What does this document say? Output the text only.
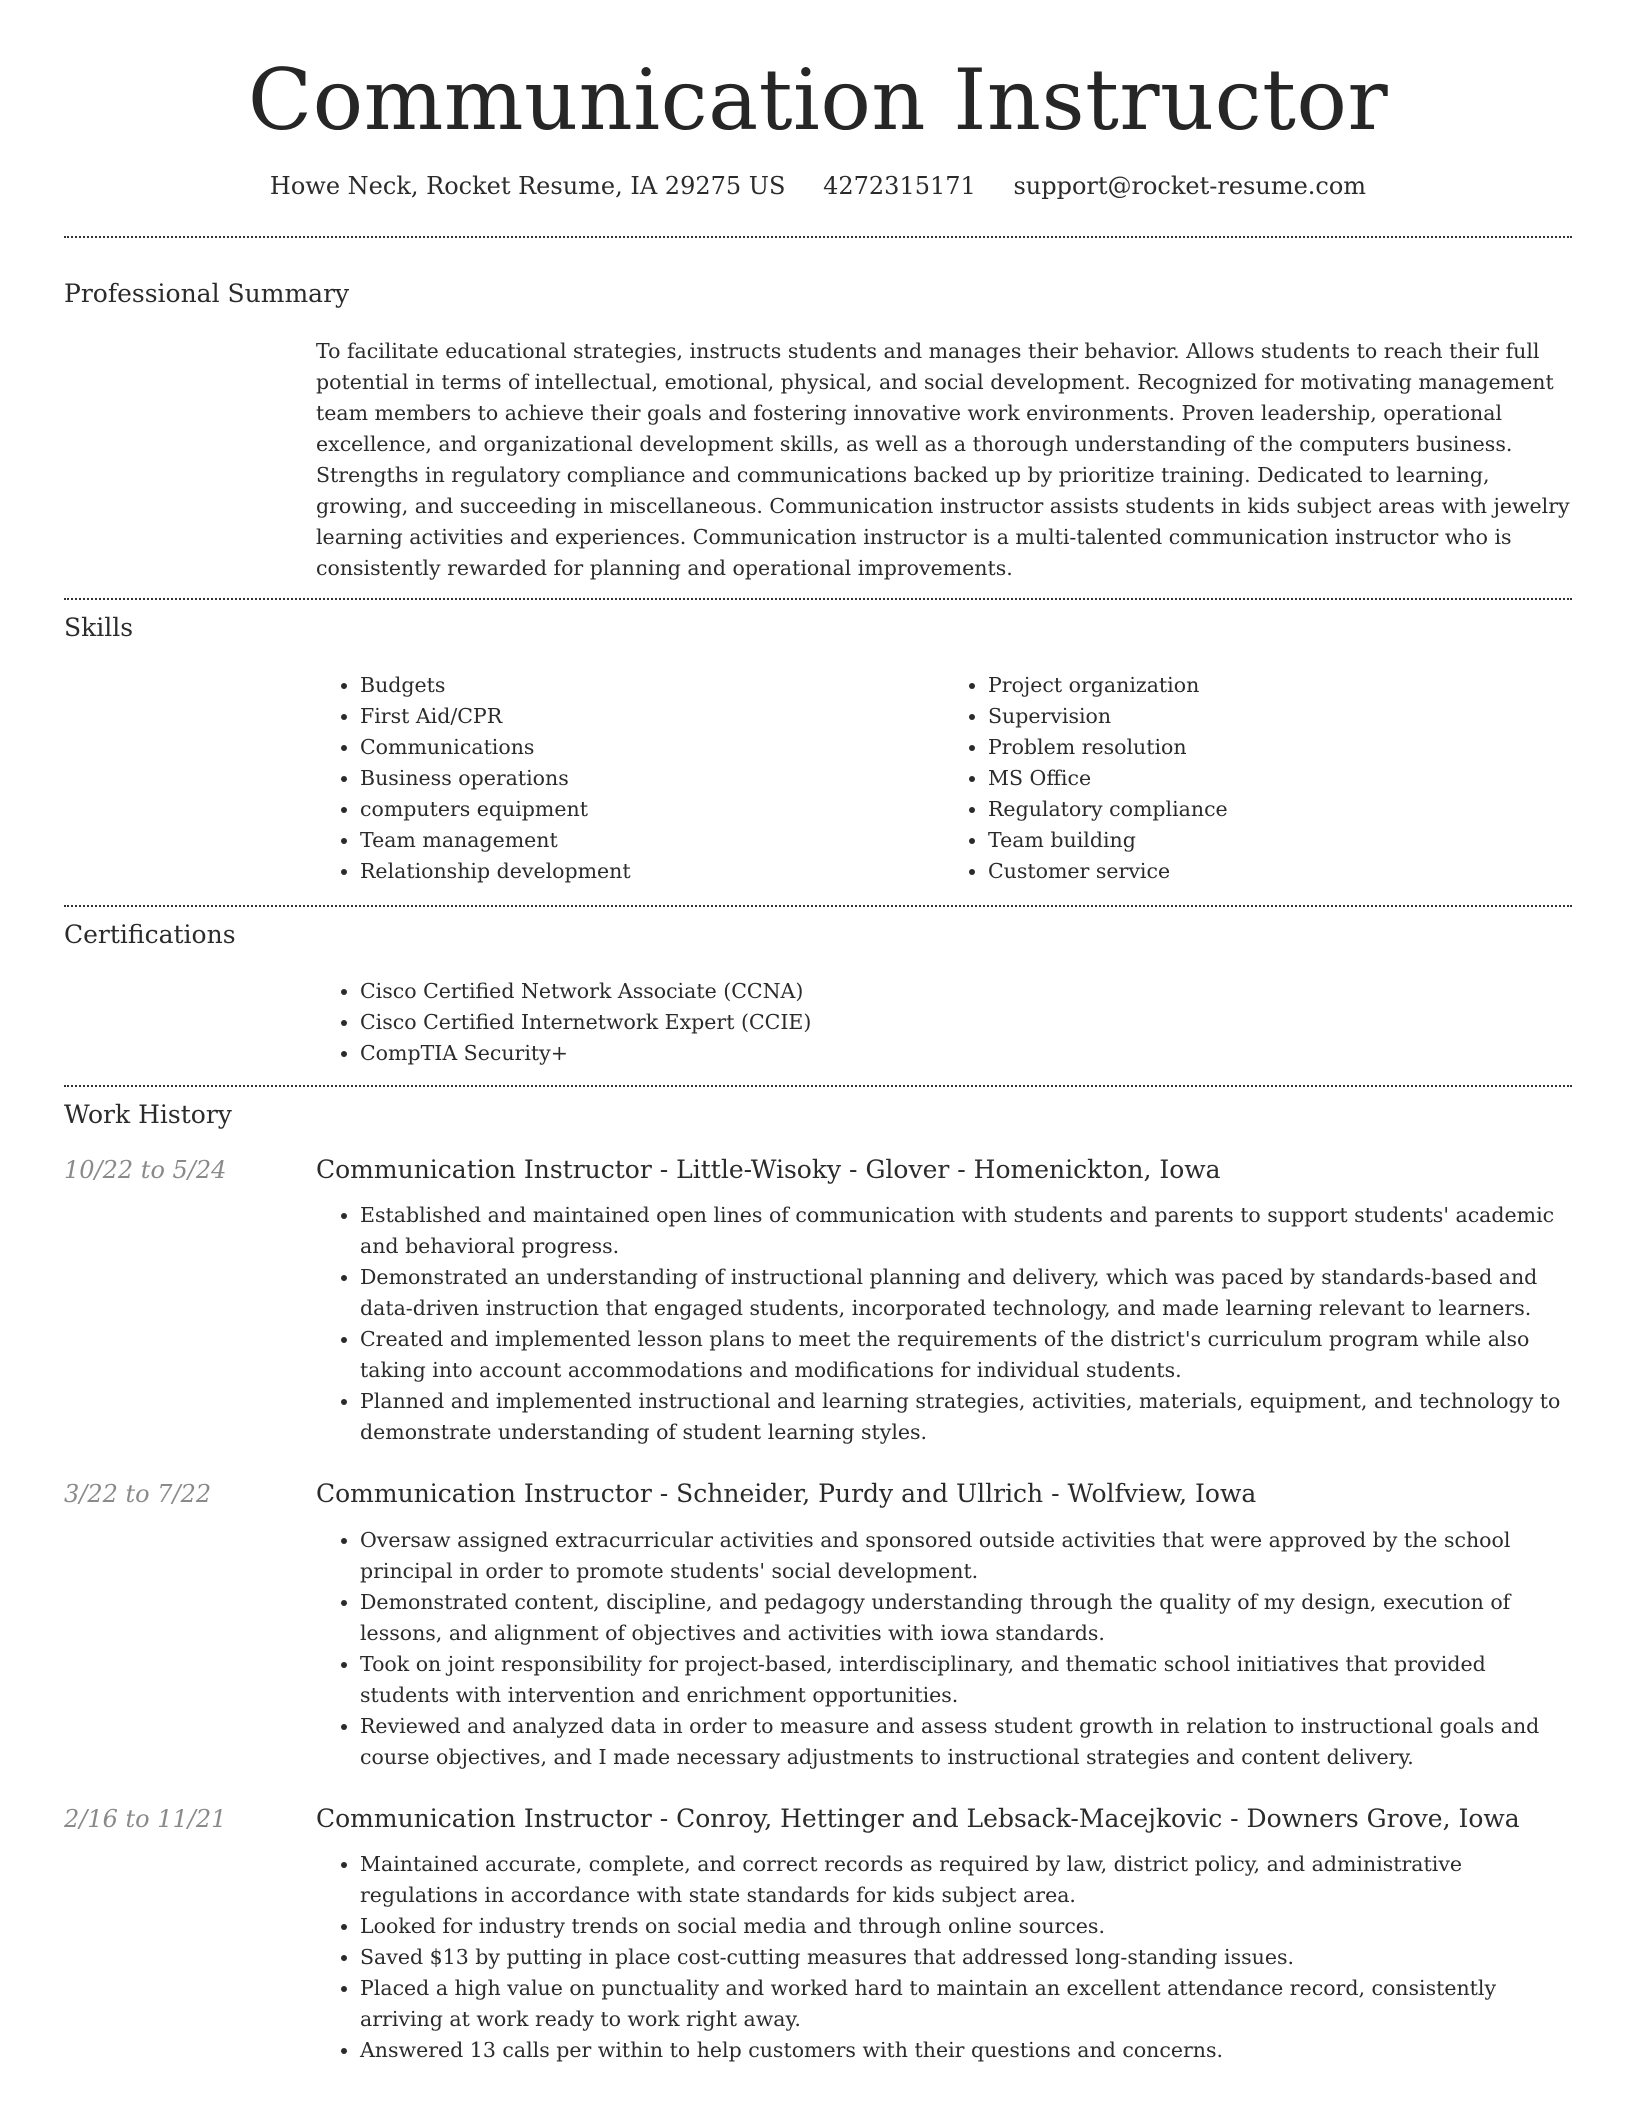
Communication Instructor
Howe Neck, Rocket Resume, IA 29275 US 4272315171 support@rocket-resume.com
Professional Summary
To facilitate educational strategies, instructs students and manages their behavior. Allows students to reach their full potential in terms of intellectual, emotional, physical, and social development. Recognized for motivating management team members to achieve their goals and fostering innovative work environments. Proven leadership, operational excellence, and organizational development skills, as well as a thorough understanding of the computers business. Strengths in regulatory compliance and communications backed up by prioritize training. Dedicated to learning, growing, and succeeding in miscellaneous. Communication instructor assists students in kids subject areas with jewelry learning activities and experiences. Communication instructor is a multi-talented communication instructor who is consistently rewarded for planning and operational improvements.
Skills
• Budgets
• First Aid/CPR
• Communications
• Business operations
• computers equipment
• Team management
• Relationship development
• Project organization
• Supervision
• Problem resolution
• MS Office
• Regulatory compliance
• Team building
• Customer service
Certifications
• Cisco Certified Network Associate (CCNA)
• Cisco Certified Internetwork Expert (CCIE)
• CompTIA Security+
Work History
10/22 to 5/24	Communication Instructor - Little-Wisoky - Glover - Homenickton, Iowa
• Established and maintained open lines of communication with students and parents to support students' academic and behavioral progress.
• Demonstrated an understanding of instructional planning and delivery, which was paced by standards-based and data-driven instruction that engaged students, incorporated technology, and made learning relevant to learners.
• Created and implemented lesson plans to meet the requirements of the district's curriculum program while also taking into account accommodations and modifications for individual students.
• Planned and implemented instructional and learning strategies, activities, materials, equipment, and technology to demonstrate understanding of student learning styles.
3/22 to 7/22	Communication Instructor - Schneider, Purdy and Ullrich - Wolfview, Iowa
• Oversaw assigned extracurricular activities and sponsored outside activities that were approved by the school principal in order to promote students' social development.
• Demonstrated content, discipline, and pedagogy understanding through the quality of my design, execution of lessons, and alignment of objectives and activities with iowa standards.
• Took on joint responsibility for project-based, interdisciplinary, and thematic school initiatives that provided students with intervention and enrichment opportunities.
• Reviewed and analyzed data in order to measure and assess student growth in relation to instructional goals and course objectives, and I made necessary adjustments to instructional strategies and content delivery.
2/16 to 11/21	Communication Instructor - Conroy, Hettinger and Lebsack-Macejkovic - Downers Grove, Iowa
• Maintained accurate, complete, and correct records as required by law, district policy, and administrative regulations in accordance with state standards for kids subject area.
• Looked for industry trends on social media and through online sources.
• Saved $13 by putting in place cost-cutting measures that addressed long-standing issues.
• Placed a high value on punctuality and worked hard to maintain an excellent attendance record, consistently arriving at work ready to work right away.
• Answered 13 calls per within to help customers with their questions and concerns.
